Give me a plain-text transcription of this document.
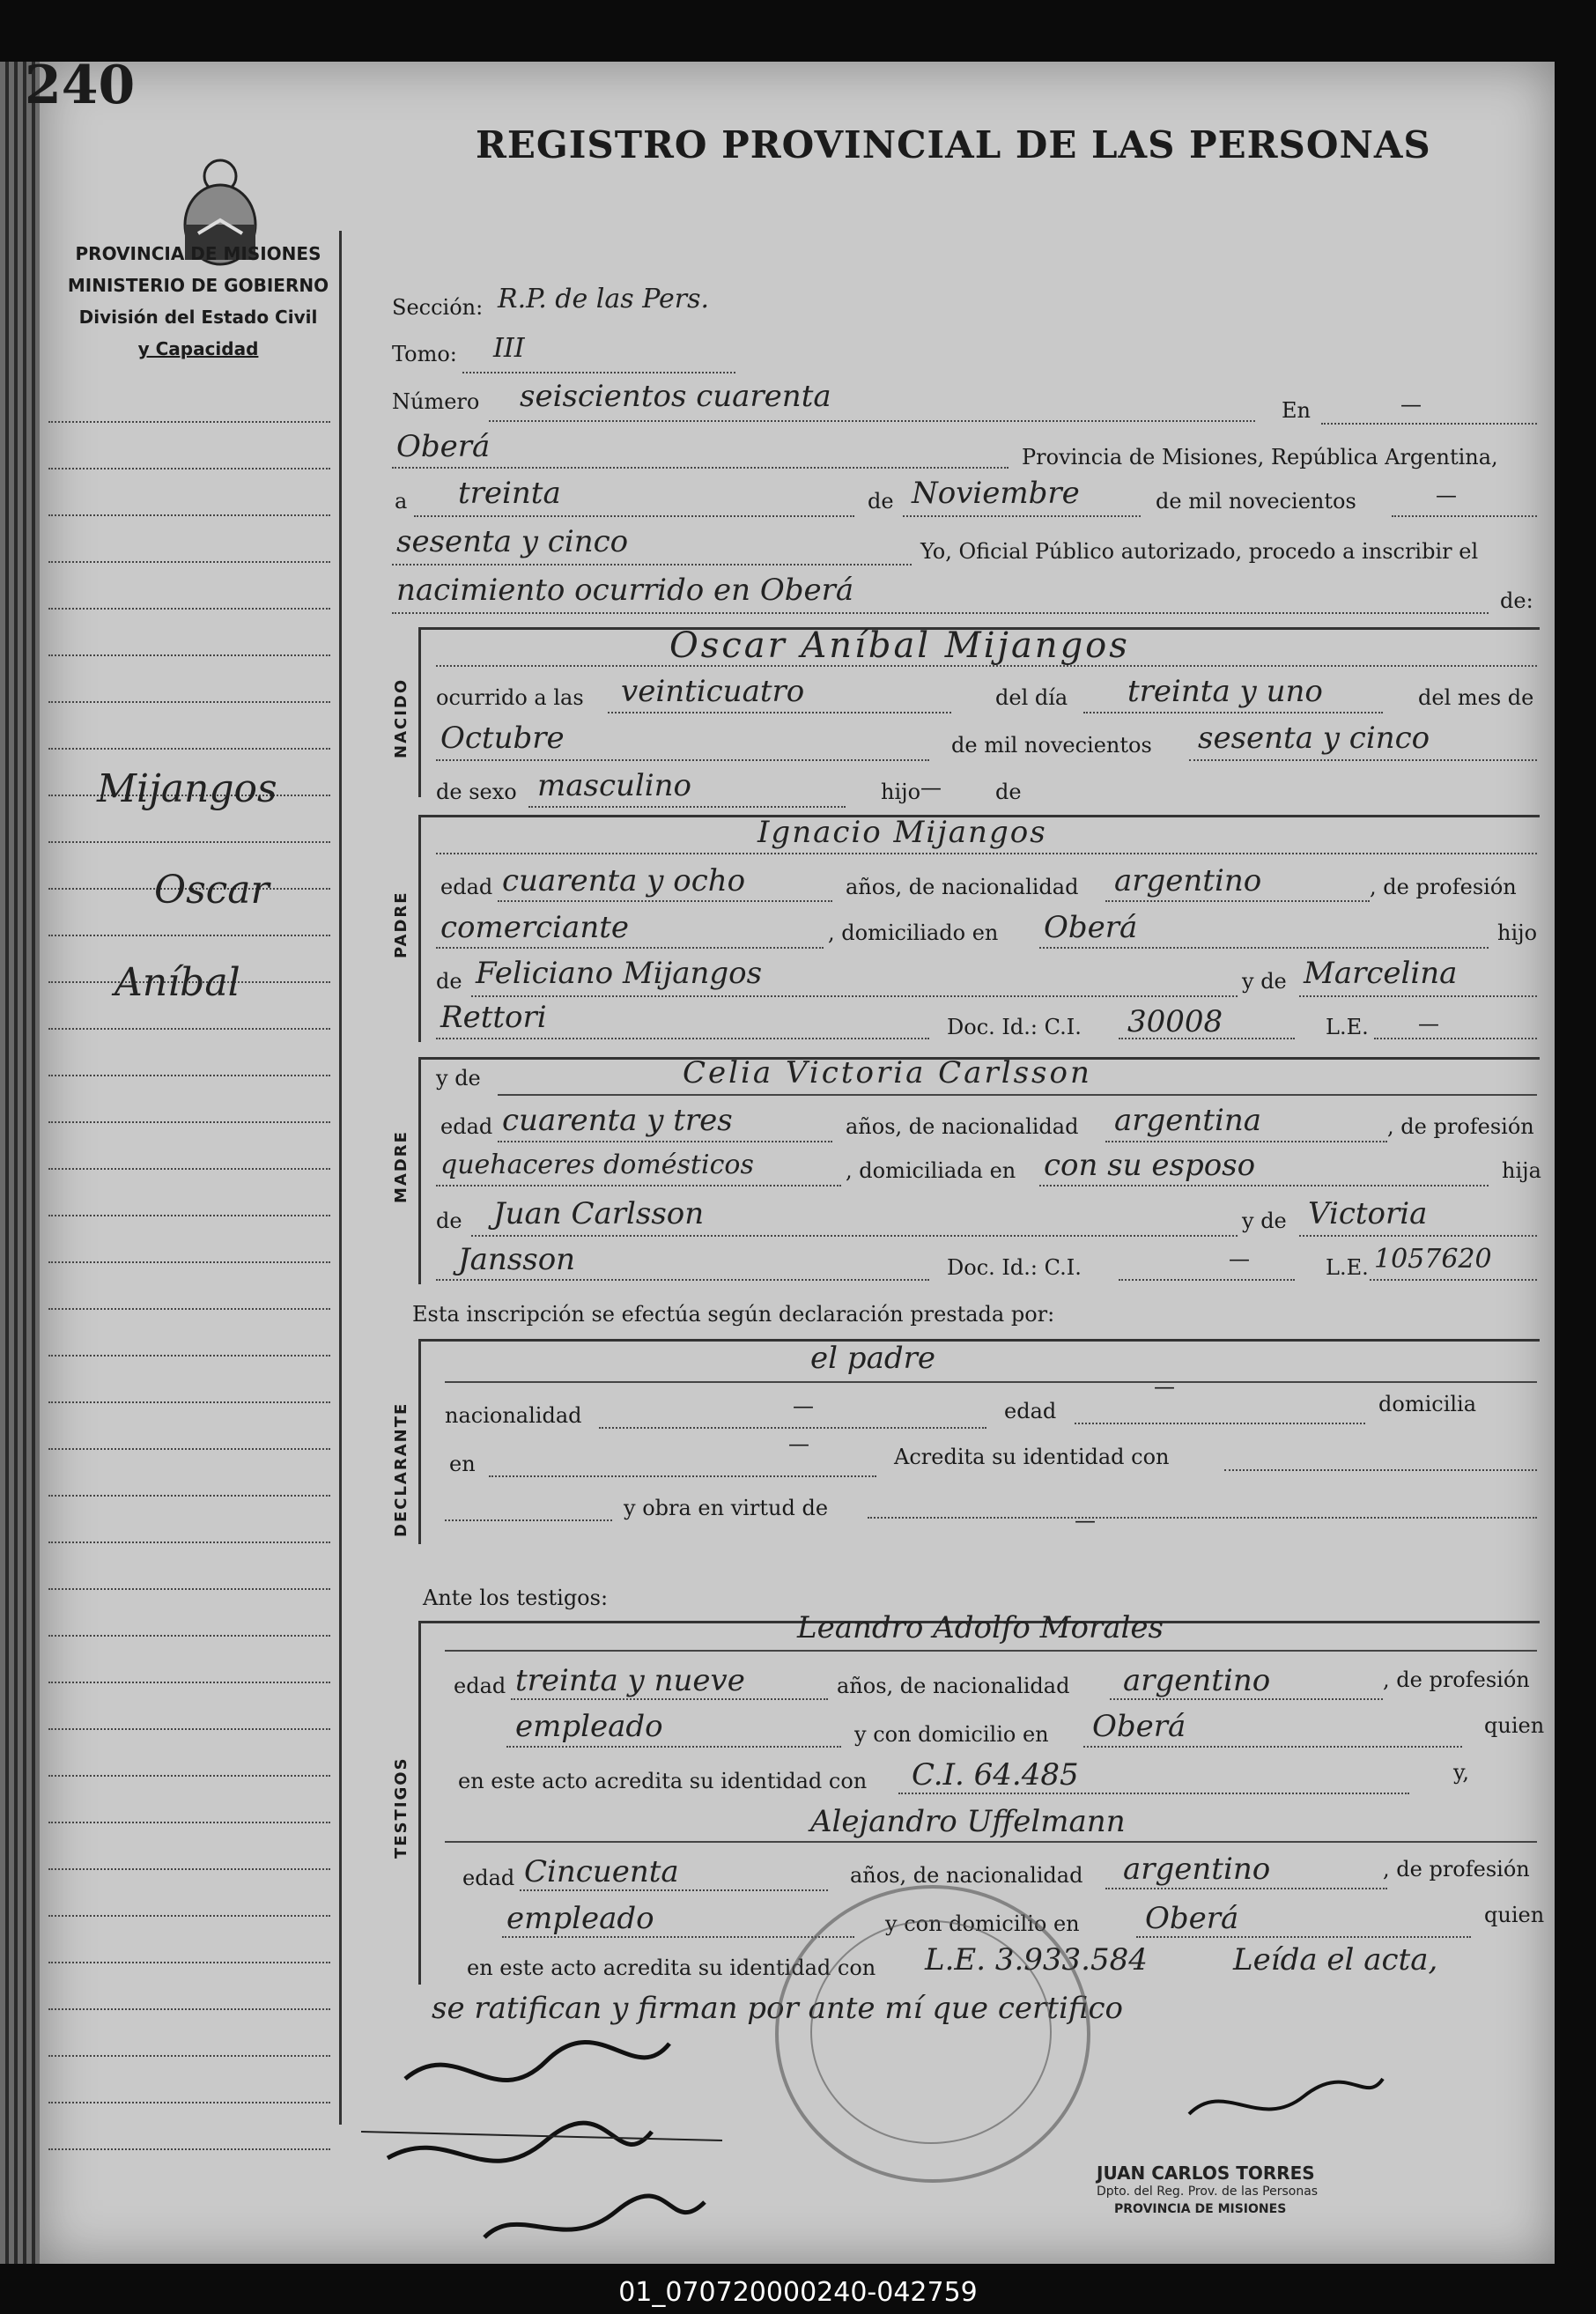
240
REGISTRO PROVINCIAL DE LAS PERSONAS
PROVINCIA DE MISIONES
MINISTERIO DE GOBIERNO
División del Estado Civil
y Capacidad
Mijangos
Oscar
Aníbal
Sección: R.P. de las Pers.
Tomo: III
Número seiscientos cuarenta	En	—
Oberá	Provincia de Misiones, República Argentina,
a treinta	de Noviembre	de mil novecientos	—
sesenta y cinco	Yo, Oficial Público autorizado, procedo a inscribir el
nacimiento ocurrido en Oberá	de:
NACIDO
Oscar Aníbal Mijangos
ocurrido a las veinticuatro	del día treinta y uno	del mes de
Octubre	de mil novecientos sesenta y cinco
de sexo masculino	hijo —	de
PADRE
Ignacio Mijangos
edad cuarenta y ocho	años, de nacionalidad argentino	, de profesión
comerciante	, domiciliado en Oberá	hijo
de Feliciano Mijangos	y de Marcelina
Rettori	Doc. Id.: C.I. 30008	L.E. —
MADRE
y de	Celia Victoria Carlsson
edad cuarenta y tres	años, de nacionalidad argentina	, de profesión
quehaceres domésticos	, domiciliada en con su esposo	hija
de Juan Carlsson	y de Victoria
Jansson	Doc. Id.: C.I.	—	L.E. 1057620
Esta inscripción se efectúa según declaración prestada por:
DECLARANTE
el padre
nacionalidad	—	edad
—
domicilia
en
—
Acredita su identidad con
y obra en virtud de	—
Ante los testigos:
TESTIGOS
Leandro Adolfo Morales
edad treinta y nueve	años, de nacionalidad argentino	, de profesión
empleado	y con domicilio en Oberá	quien
en este acto acredita su identidad con C.I. 64.485	y,
Alejandro Uffelmann
edad Cincuenta	años, de nacionalidad argentino	, de profesión
empleado	y con domicilio en Oberá	quien
en este acto acredita su identidad con L.E. 3.933.584	Leída el acta,
se ratifican y firman por ante mí que certifico
JUAN CARLOS TORRES
Dpto. del Reg. Prov. de las Personas
PROVINCIA DE MISIONES
01_070720000240-042759
